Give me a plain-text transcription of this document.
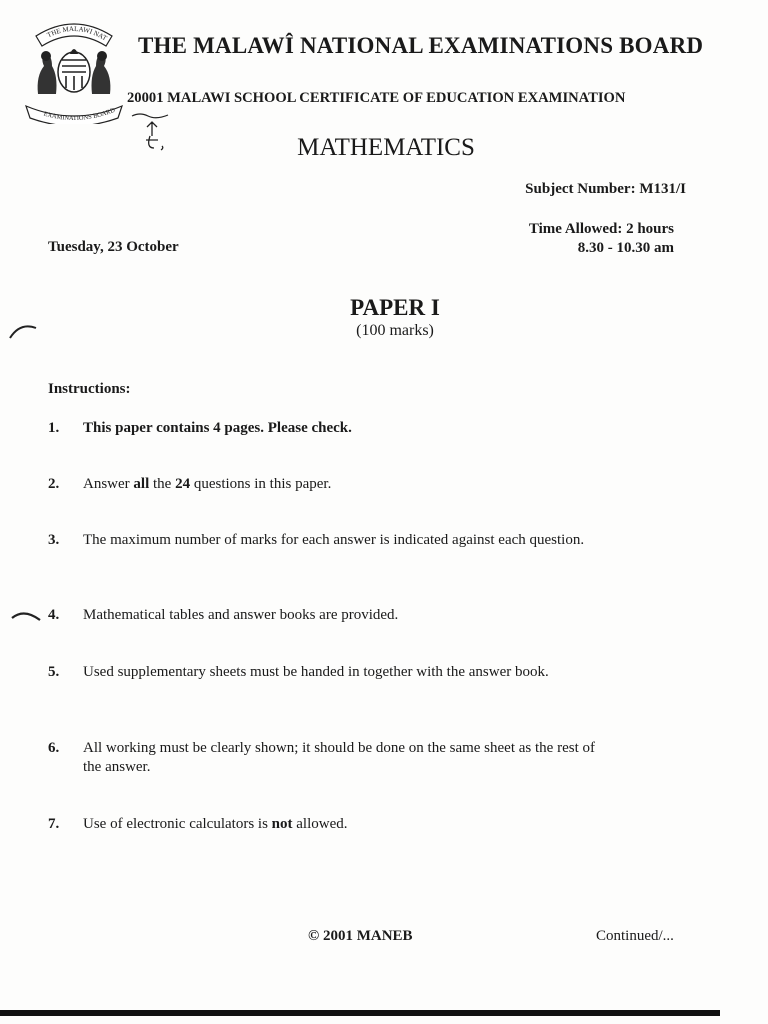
THE MALAWI NAT
EXAMINATIONS BOARD
THE MALAWÎ NATIONAL EXAMINATIONS BOARD
20001 MALAWI SCHOOL CERTIFICATE OF EDUCATION EXAMINATION
MATHEMATICS
Subject Number: M131/I
Time Allowed: 2 hours
8.30 - 10.30 am
Tuesday, 23 October
PAPER I
(100 marks)
Instructions:
1. This paper contains 4 pages. Please check.
2. Answer all the 24 questions in this paper.
3. The maximum number of marks for each answer is indicated against each question.
4. Mathematical tables and answer books are provided.
5. Used supplementary sheets must be handed in together with the answer book.
6. All working must be clearly shown; it should be done on the same sheet as the rest of the answer.
7. Use of electronic calculators is not allowed.
© 2001 MANEB	Continued/...
